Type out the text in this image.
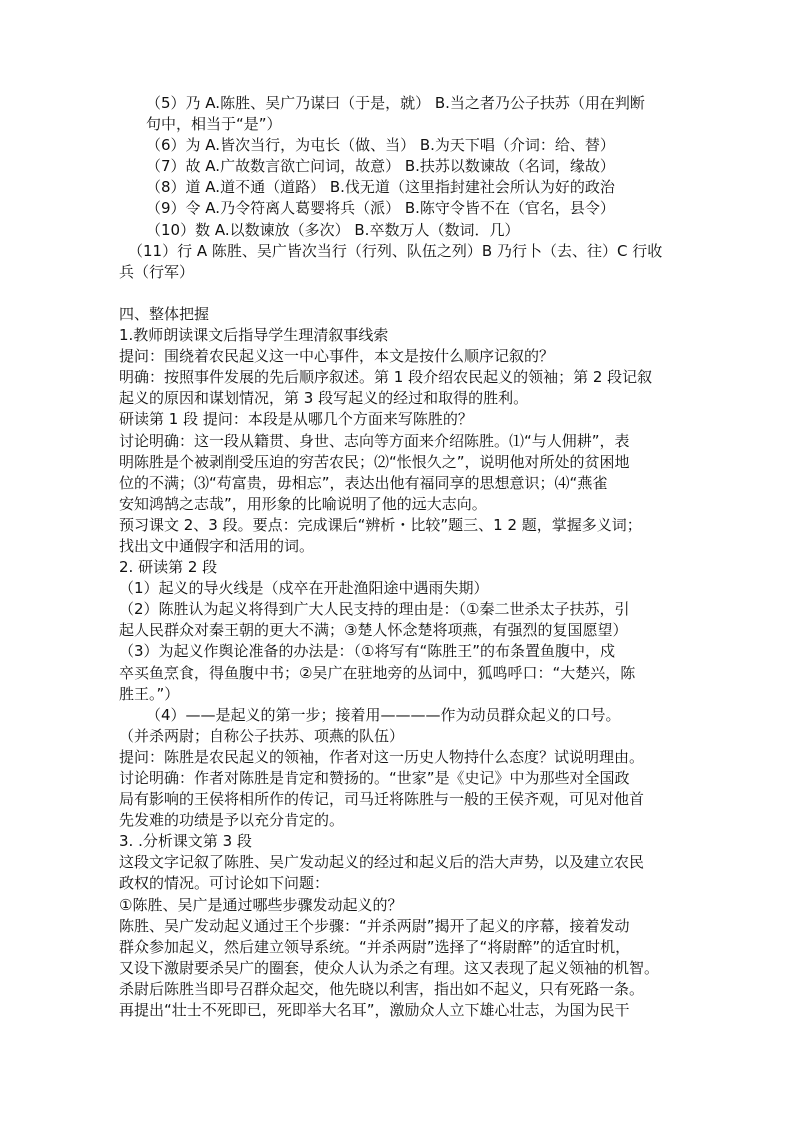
（5）乃 A.陈胜、吴广乃谋曰（于是，就） B.当之者乃公子扶苏（用在判断
句中，相当于“是”）
（6）为 A.皆次当行，为屯长（做、当） B.为天下唱（介词：给、替）
（7）故 A.广故数言欲亡问词，故意） B.扶苏以数谏故（名词，缘故）
（8）道 A.道不通（道路） B.伐无道（这里指封建社会所认为好的政治
（9）令 A.乃令符离人葛婴将兵（派） B.陈守令皆不在（官名，县令）
（10）数 A.以数谏放（多次） B.卒数万人（数词．几）
（11）行 A 陈胜、吴广皆次当行（行列、队伍之列）B 乃行卜（去、往）C 行收
兵（行军）
四、整体把握
1.教师朗读课文后指导学生理清叙事线索
提问：围绕着农民起义这一中心事件，本文是按什么顺序记叙的？
明确：按照事件发展的先后顺序叙述。第 1 段介绍农民起义的领袖；第 2 段记叙
起义的原因和谋划情况，第 3 段写起义的经过和取得的胜利。
研读第 1 段 提问：本段是从哪几个方面来写陈胜的？
讨论明确：这一段从籍贯、身世、志向等方面来介绍陈胜。⑴“与人佣耕”，表
明陈胜是个被剥削受压迫的穷苦农民；⑵“怅恨久之”，说明他对所处的贫困地
位的不满；⑶“苟富贵，毋相忘”，表达出他有福同享的思想意识；⑷“燕雀
安知鸿鹄之志哉”，用形象的比喻说明了他的远大志向。
预习课文 2、3 段。要点：完成课后“辨析・比较”题三、1 2 题，掌握多义词；
找出文中通假字和活用的词。
2. 研读第 2 段
（1）起义的导火线是（戍卒在开赴渔阳途中遇雨失期）
（2）陈胜认为起义将得到广大人民支持的理由是：（①秦二世杀太子扶苏，引
起人民群众对秦王朝的更大不满；③楚人怀念楚将项燕，有强烈的复国愿望）
（3）为起义作舆论准备的办法是：（①将写有“陈胜王”的布条置鱼腹中，戍
卒买鱼烹食，得鱼腹中书；②吴广在驻地旁的丛词中，狐鸣呼口：“大楚兴，陈
胜王。”）
（4）——是起义的第一步；接着用————作为动员群众起义的口号。
（并杀两尉；自称公子扶苏、项燕的队伍）
提问：陈胜是农民起义的领袖，作者对这一历史人物持什么态度？试说明理由。
讨论明确：作者对陈胜是肯定和赞扬的。“世家”是《史记》中为那些对全国政
局有影响的王侯将相所作的传记，司马迁将陈胜与一般的王侯齐观，可见对他首
先发难的功绩是予以充分肯定的。
3. .分析课文第 3 段
这段文字记叙了陈胜、吴广发动起义的经过和起义后的浩大声势，以及建立农民
政权的情况。可讨论如下问题：
①陈胜、吴广是通过哪些步骤发动起义的？
陈胜、吴广发动起义通过王个步骤：“并杀两尉”揭开了起义的序幕，接着发动
群众参加起义，然后建立领导系统。“并杀两尉”选择了“将尉醉”的适宜时机，
又设下激尉要杀吴广的圈套，使众人认为杀之有理。这又表现了起义领袖的机智。
杀尉后陈胜当即号召群众起交，他先晓以利害，指出如不起义，只有死路一条。
再提出“壮士不死即已，死即举大名耳”，激励众人立下雄心壮志，为国为民干
